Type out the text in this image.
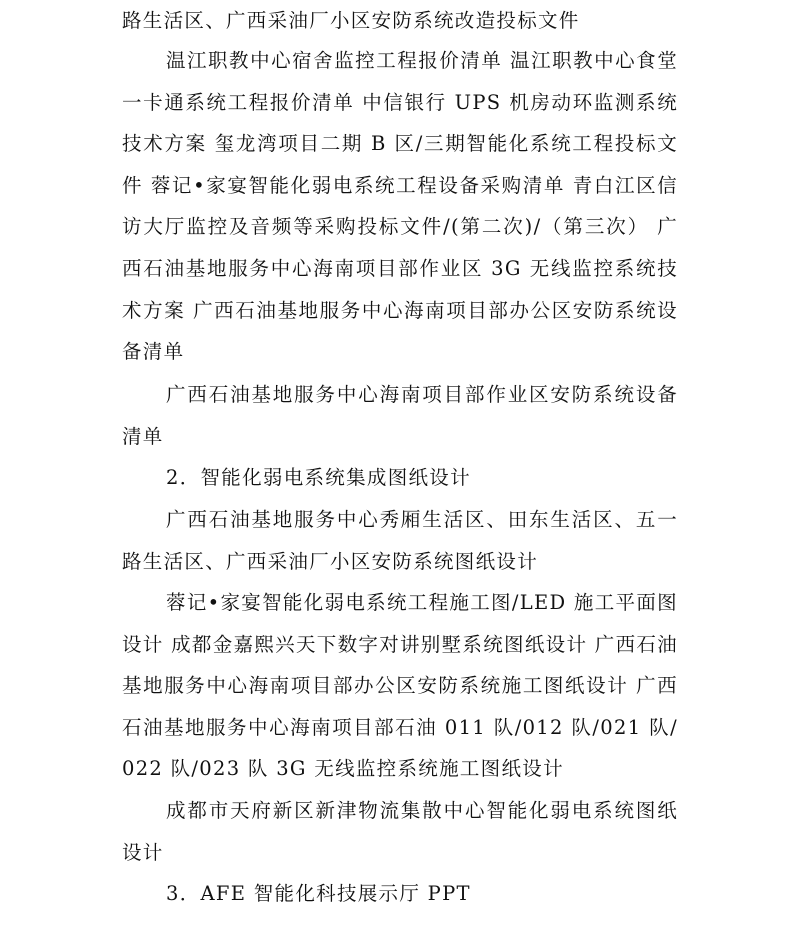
路生活区、广西采油厂小区安防系统改造投标文件

温江职教中心宿舍监控工程报价清单 温江职教中心食堂一卡通系统工程报价清单 中信银行 UPS 机房动环监测系统技术方案 玺龙湾项目二期 B 区/三期智能化系统工程投标文件 蓉记•家宴智能化弱电系统工程设备采购清单 青白江区信访大厅监控及音频等采购投标文件/(第二次)/（第三次） 广西石油基地服务中心海南项目部作业区 3G 无线监控系统技术方案 广西石油基地服务中心海南项目部办公区安防系统设备清单

广西石油基地服务中心海南项目部作业区安防系统设备清单

2．智能化弱电系统集成图纸设计

广西石油基地服务中心秀厢生活区、田东生活区、五一路生活区、广西采油厂小区安防系统图纸设计

蓉记•家宴智能化弱电系统工程施工图/LED 施工平面图设计 成都金嘉熙兴天下数字对讲别墅系统图纸设计 广西石油基地服务中心海南项目部办公区安防系统施工图纸设计 广西石油基地服务中心海南项目部石油 011 队/012 队/021 队/022 队/023 队 3G 无线监控系统施工图纸设计

成都市天府新区新津物流集散中心智能化弱电系统图纸设计

3．AFE 智能化科技展示厅 PPT
